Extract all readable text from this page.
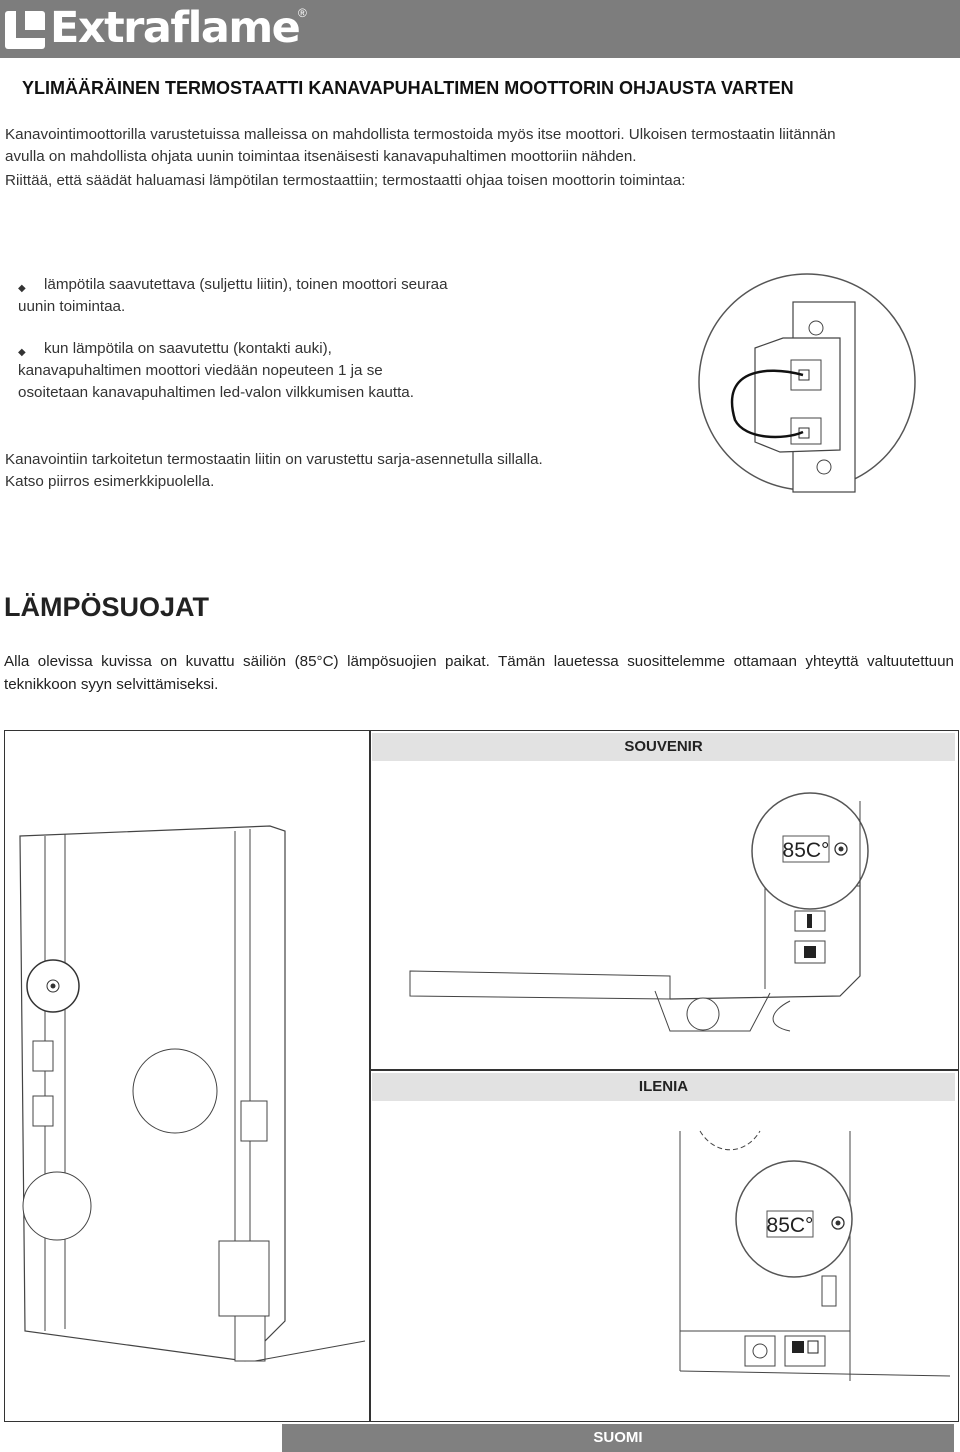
Extraflame
®
YLIMÄÄRÄINEN TERMOSTAATTI KANAVAPUHALTIMEN MOOTTORIN OHJAUSTA VARTEN

Kanavointimoottorilla varustetuissa malleissa on mahdollista termostoida myös itse moottori. Ulkoisen termostaatin liitännän

avulla on mahdollista ohjata uunin toimintaa itsenäisesti kanavapuhaltimen moottoriin nähden.

Riittää, että säädät haluamasi lämpötilan termostaattiin; termostaatti ohjaa toisen moottorin toimintaa:

◆	lämpötila saavutettava (suljettu liitin), toinen moottori seuraa uunin toimintaa.
◆	kun lämpötila on saavutettu (kontakti auki), kanavapuhaltimen moottori viedään nopeuteen 1 ja se osoitetaan kanavapuhaltimen led-valon vilkkumisen kautta.

Kanavointiin tarkoitetun termostaatin liitin on varustettu sarja-asennetulla sillalla.

Katso piirros esimerkkipuolella.

LÄMPÖSUOJAT

Alla olevissa kuvissa on kuvattu säiliön (85°C) lämpösuojien paikat. Tämän lauetessa suosittelemme ottamaan yhteyttä valtuutettuun teknikkoon syyn selvittämiseksi.

SOUVENIR
85C°
ILENIA
85C°
SUOMI
